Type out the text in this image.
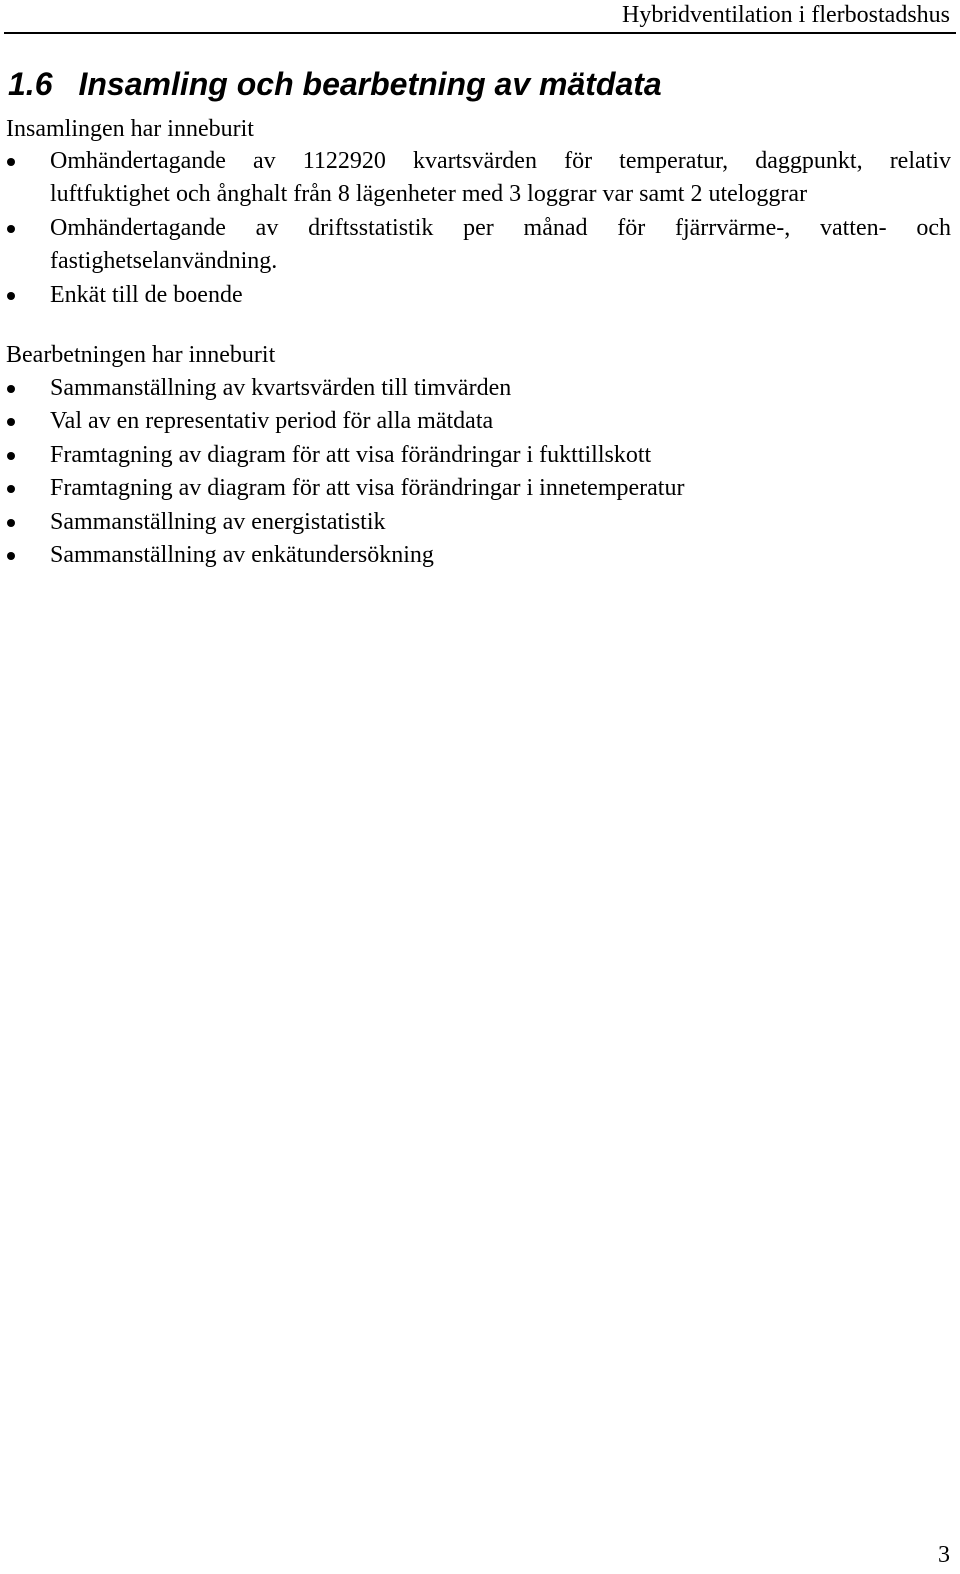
Hybridventilation i flerbostadshus
1.6 Insamling och bearbetning av mätdata

Insamlingen har inneburit

Omhändertagande av 1122920 kvartsvärden för temperatur, daggpunkt, relativ
luftfuktighet och ånghalt från 8 lägenheter med 3 loggrar var samt 2 uteloggrar
Omhändertagande av driftsstatistik per månad för fjärrvärme-, vatten- och
fastighetselanvändning.
Enkät till de boende

Bearbetningen har inneburit

Sammanställning av kvartsvärden till timvärden
Val av en representativ period för alla mätdata
Framtagning av diagram för att visa förändringar i fukttillskott
Framtagning av diagram för att visa förändringar i innetemperatur
Sammanställning av energistatistik
Sammanställning av enkätundersökning
3
